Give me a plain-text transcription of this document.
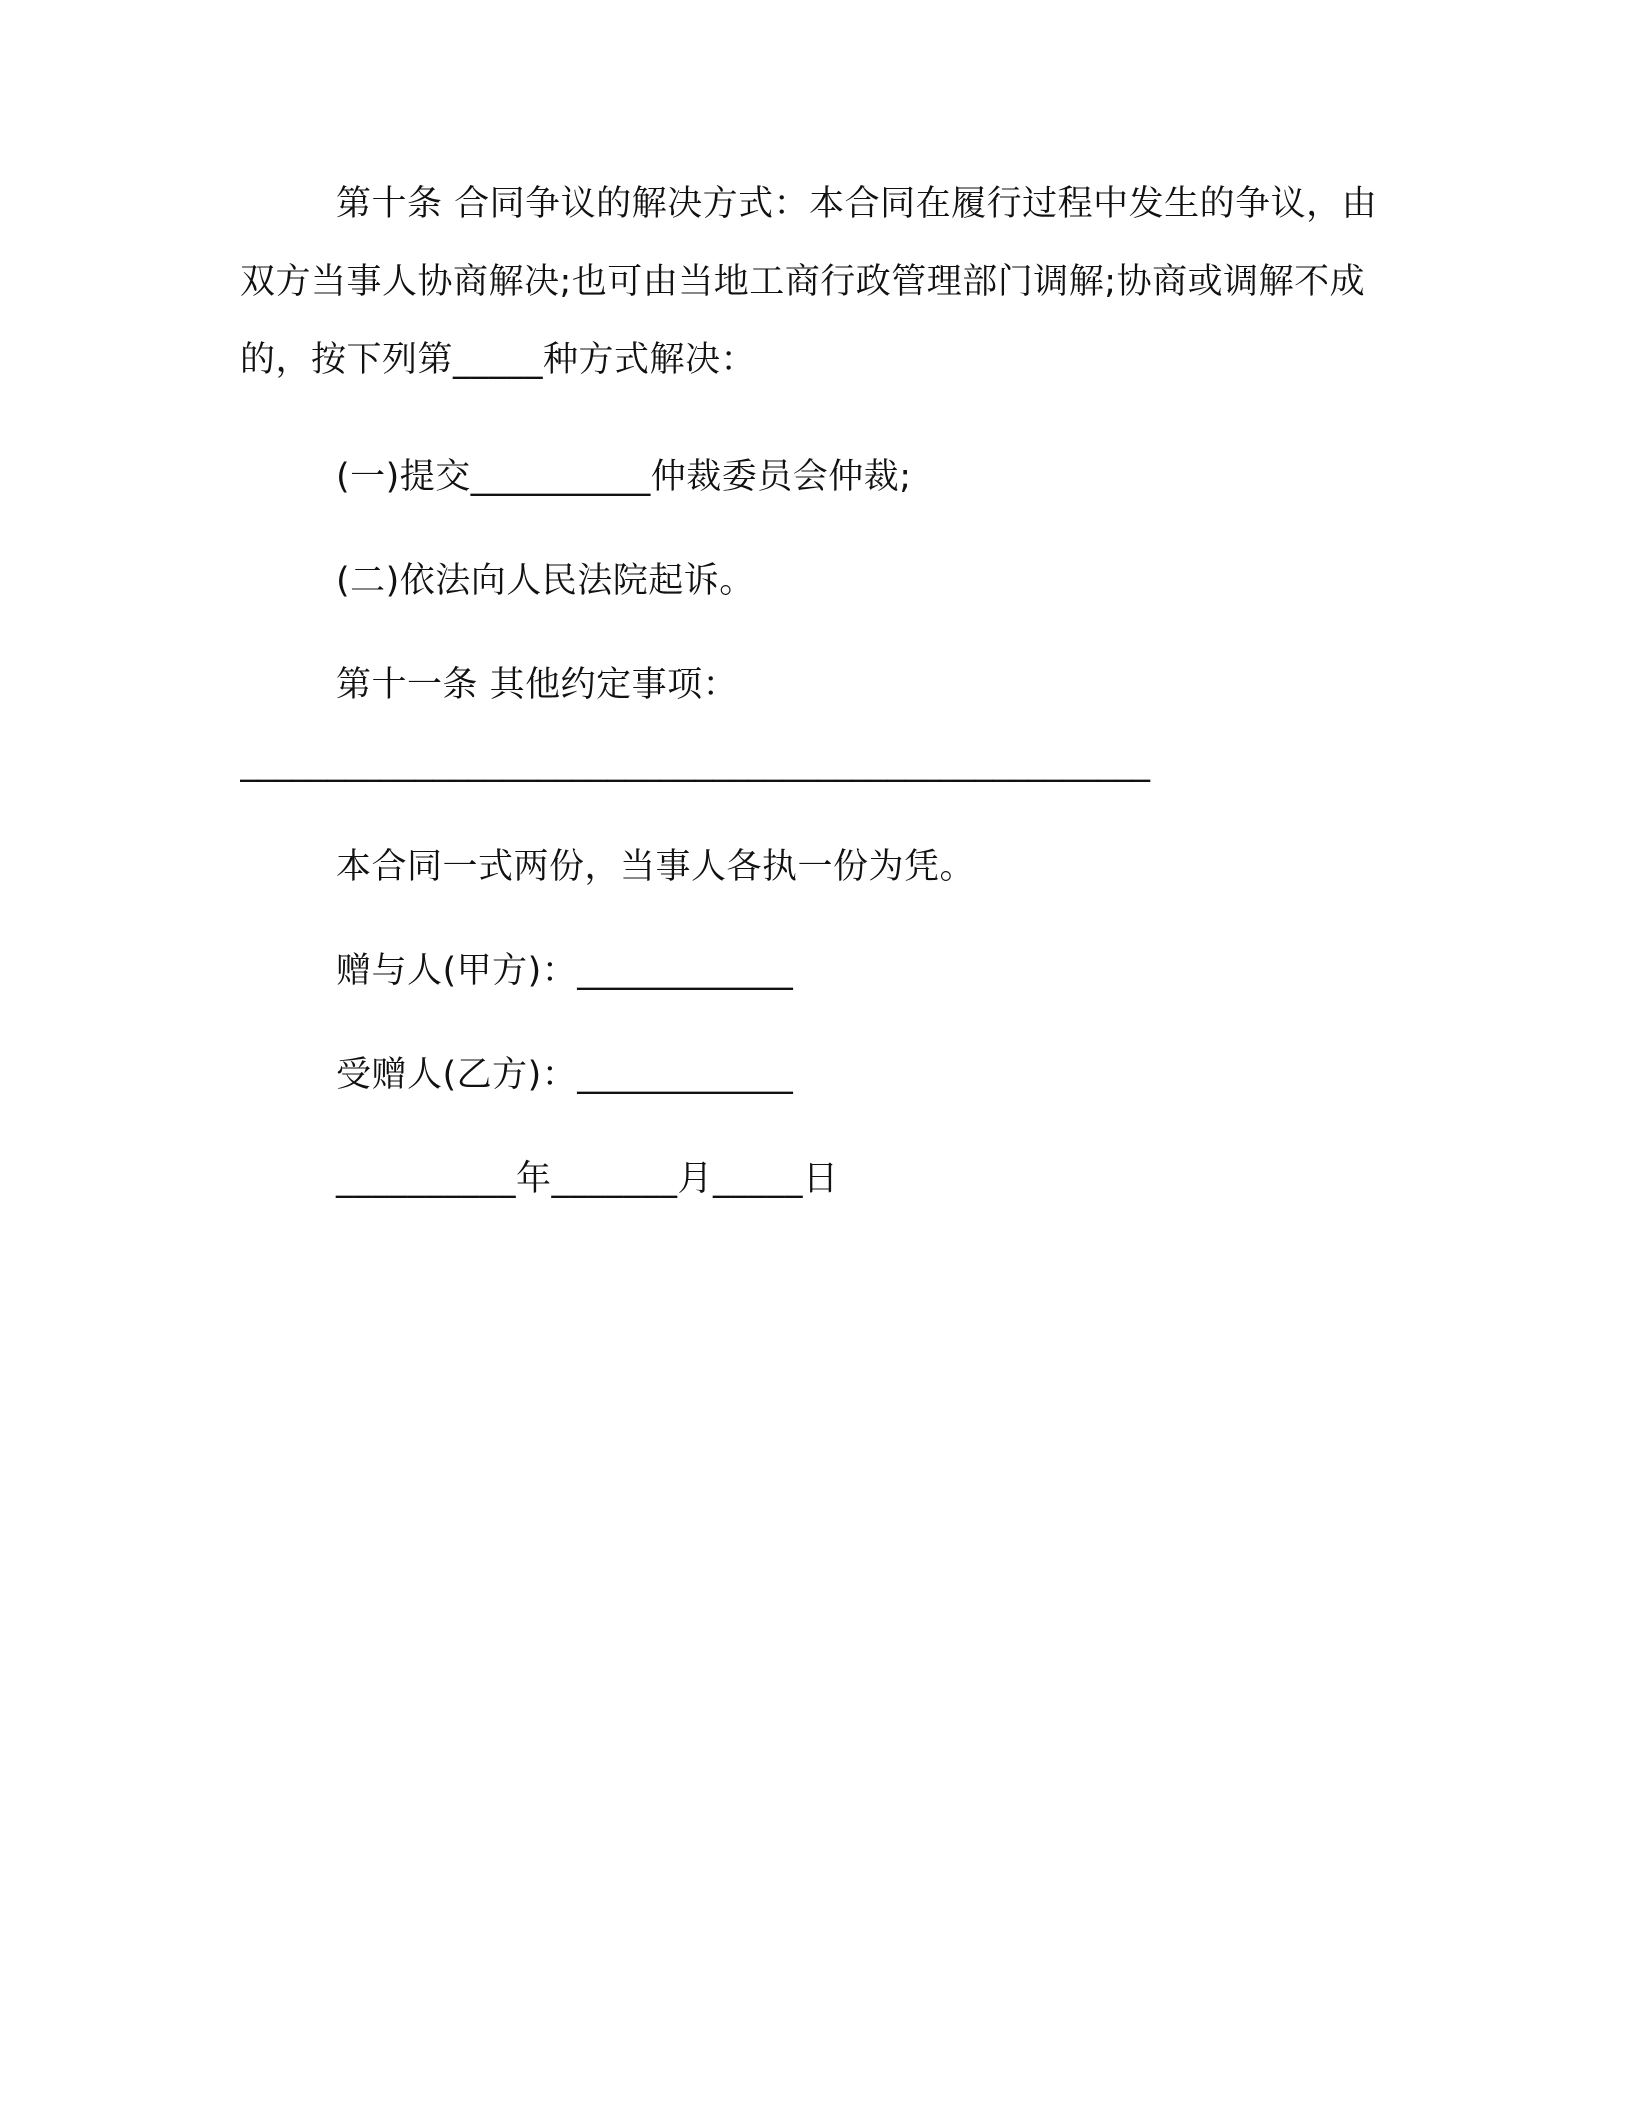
第十条 合同争议的解决方式：本合同在履行过程中发生的争议，由双方当事人协商解决;也可由当地工商行政管理部门调解;协商或调解不成的，按下列第_____种方式解决：

(一)提交__________仲裁委员会仲裁;

(二)依法向人民法院起诉。

第十一条 其他约定事项：

____________________________________________________

本合同一式两份，当事人各执一份为凭。

赠与人(甲方)：____________

受赠人(乙方)：____________

__________年_______月_____日
